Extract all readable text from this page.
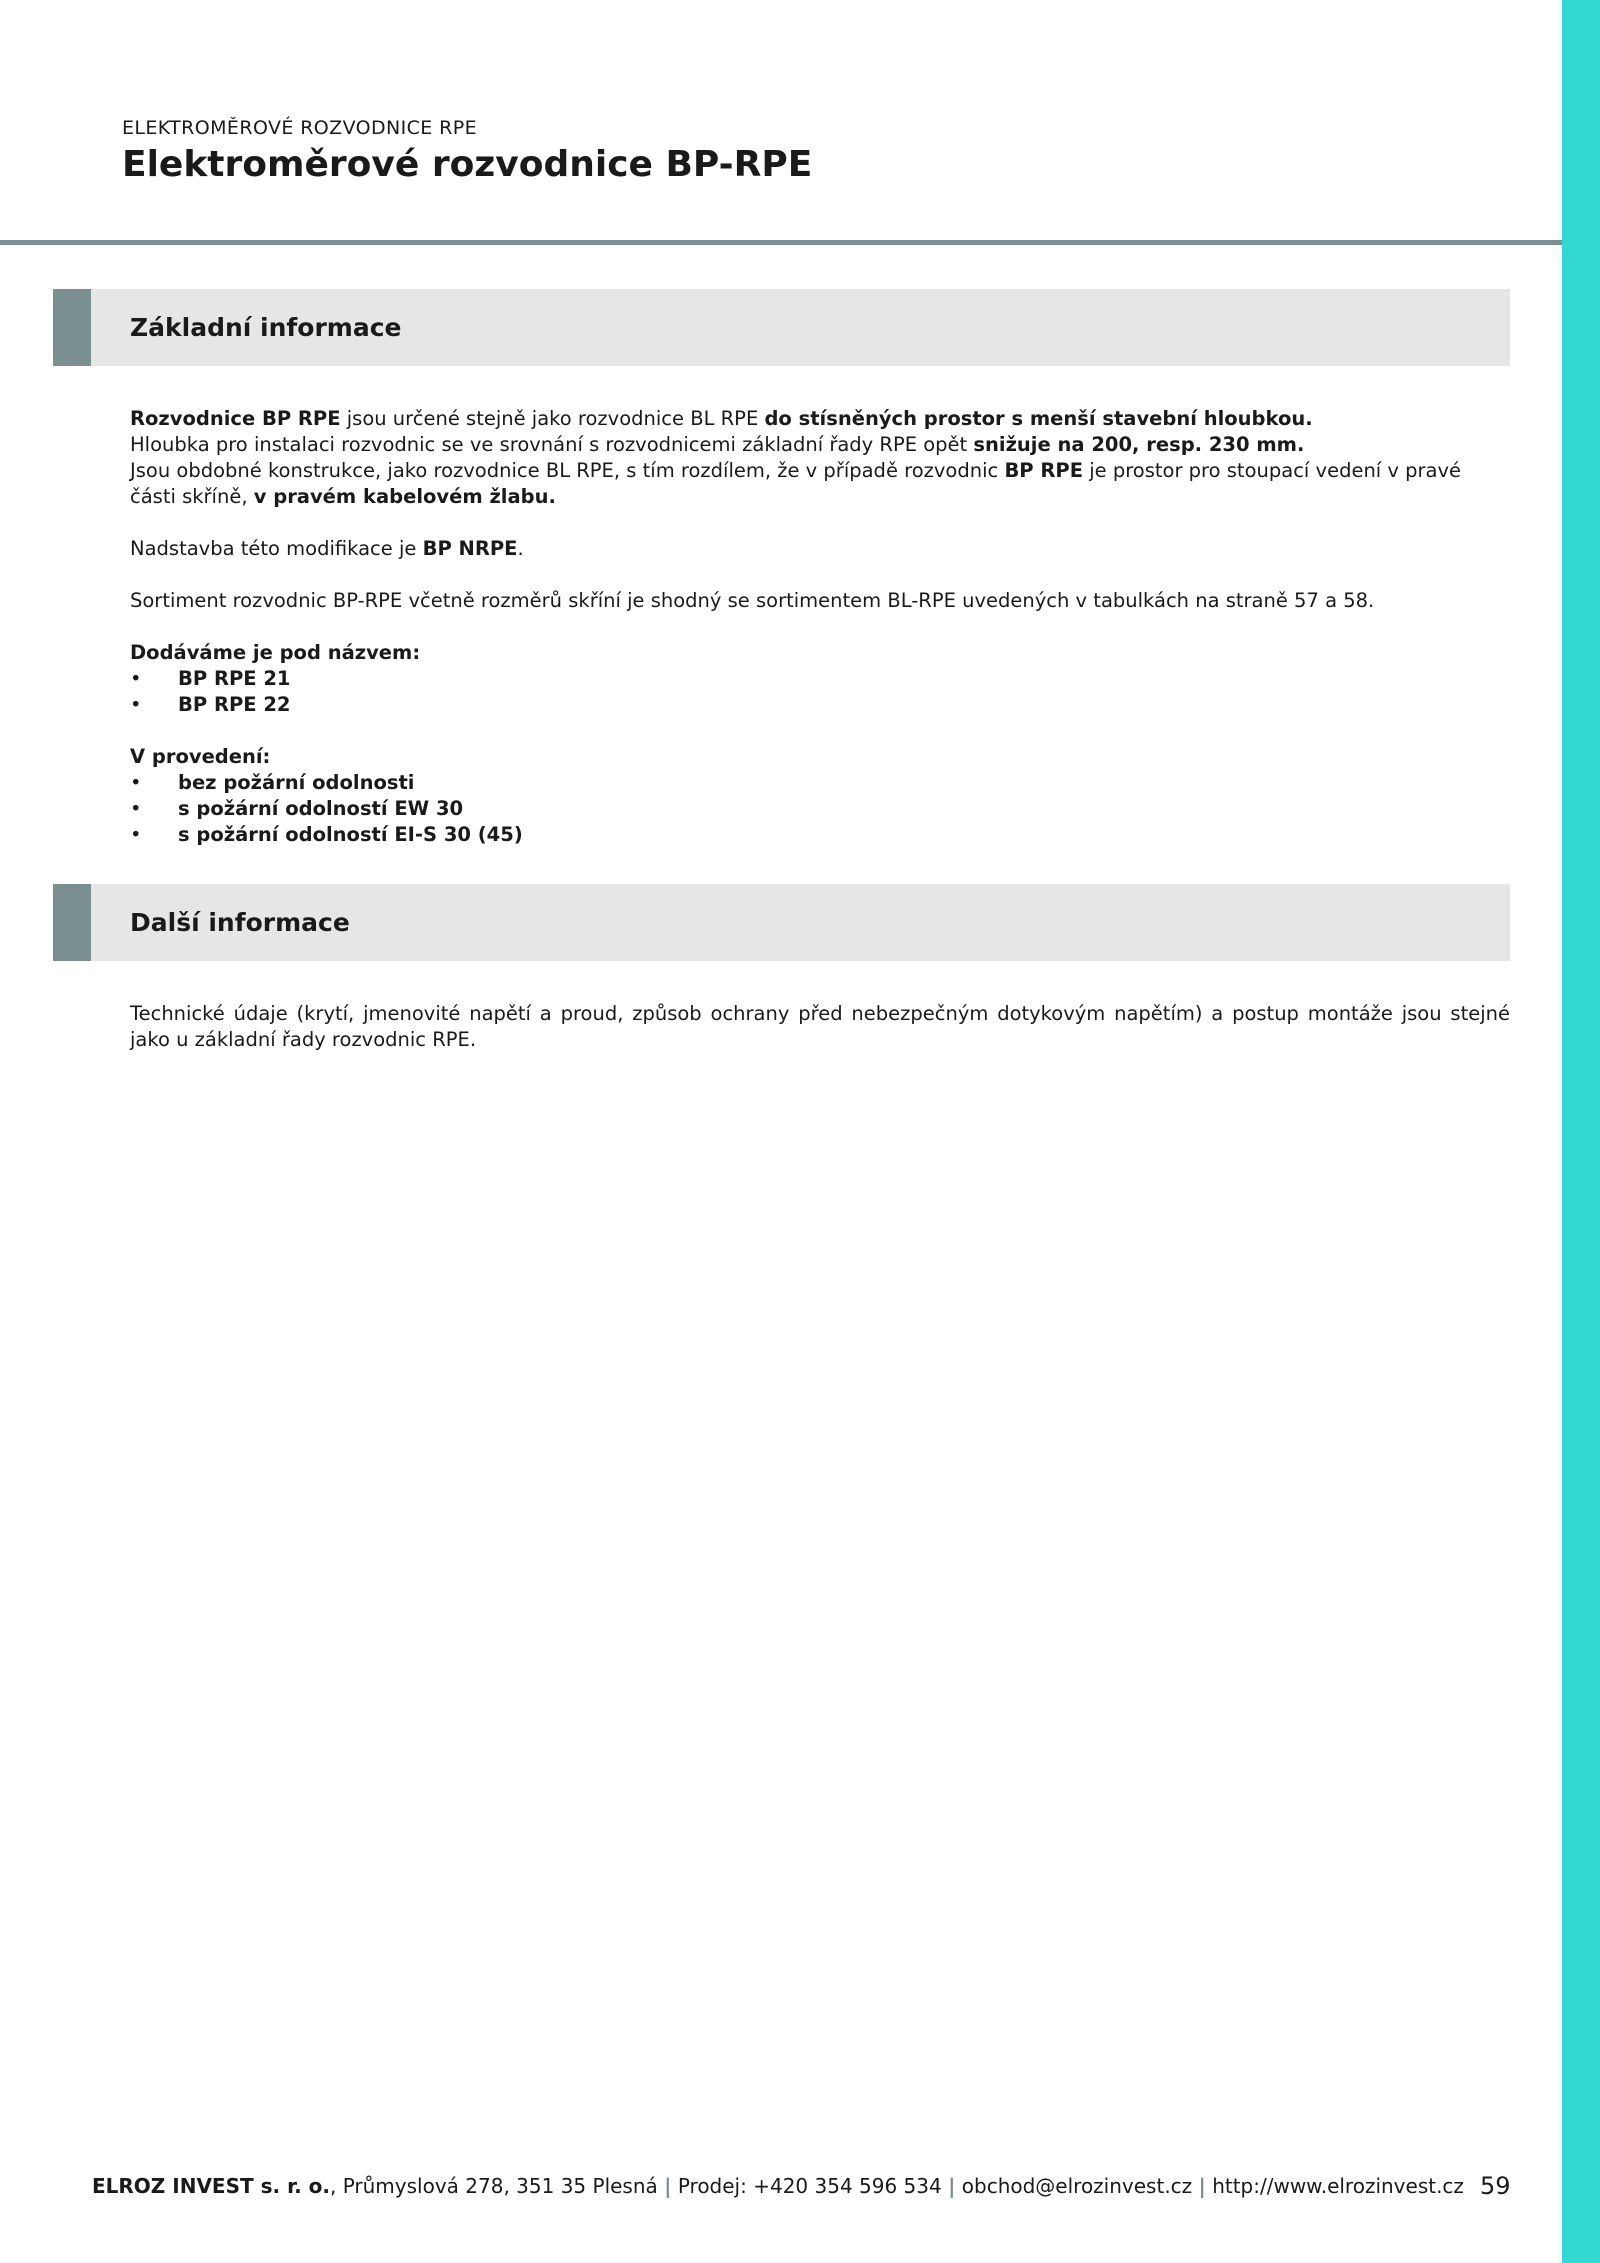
ELEKTROMĚROVÉ ROZVODNICE RPE
Elektroměrové rozvodnice BP-RPE
Základní informace

Rozvodnice BP RPE jsou určené stejně jako rozvodnice BL RPE do stísněných prostor s menší stavební hloubkou.
Hloubka pro instalaci rozvodnic se ve srovnání s rozvodnicemi základní řady RPE opět snižuje na 200, resp. 230 mm.
Jsou obdobné konstrukce, jako rozvodnice BL RPE, s tím rozdílem, že v případě rozvodnic BP RPE je prostor pro stoupací vedení v pravé části skříně, v pravém kabelovém žlabu.

Nadstavba této modifikace je BP NRPE.

Sortiment rozvodnic BP-RPE včetně rozměrů skříní je shodný se sortimentem BL-RPE uvedených v tabulkách na straně 57 a 58.

Dodáváme je pod názvem:

• BP RPE 21
• BP RPE 22

V provedení:

• bez požární odolnosti
• s požární odolností EW 30
• s požární odolností EI-S 30 (45)
Další informace

Technické údaje (krytí, jmenovité napětí a proud, způsob ochrany před nebezpečným dotykovým napětím) a postup montáže jsou stejné jako u základní řady rozvodnic RPE.

ELROZ INVEST s. r. o., Průmyslová 278, 351 35 Plesná | Prodej: +420 354 596 534 | obchod@elrozinvest.cz | http://www.elrozinvest.cz 59
